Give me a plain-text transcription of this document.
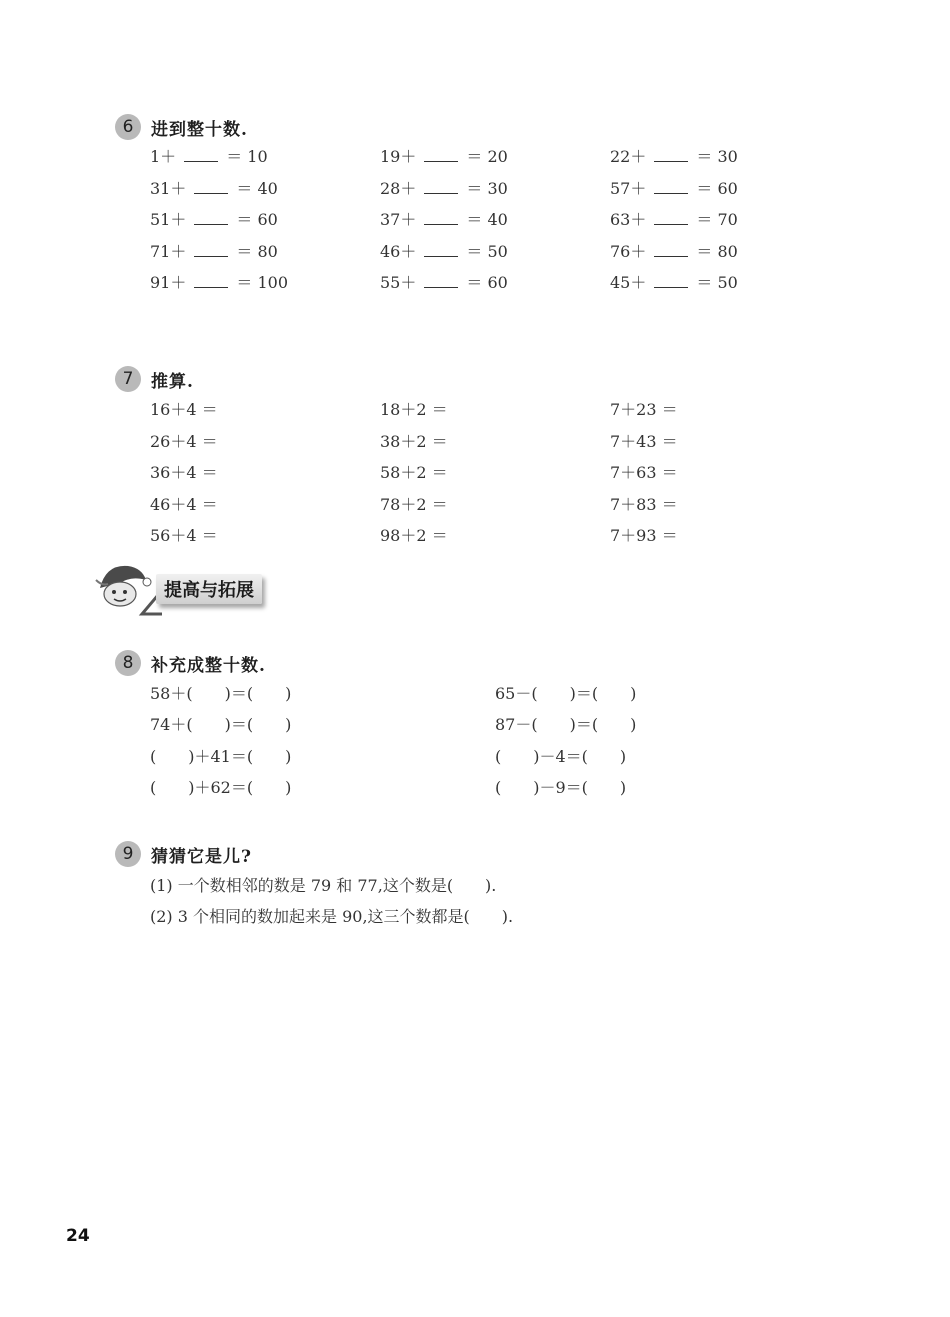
6	进到整十数.
1＋	＝ 10	19＋	＝ 20	22＋	＝ 30
31＋	＝ 40	28＋	＝ 30	57＋	＝ 60
51＋	＝ 60	37＋	＝ 40	63＋	＝ 70
71＋	＝ 80	46＋	＝ 50	76＋	＝ 80
91＋	＝ 100	55＋	＝ 60	45＋	＝ 50
7	推算.
16＋4 ＝	18＋2 ＝	7＋23 ＝
26＋4 ＝	38＋2 ＝	7＋43 ＝
36＋4 ＝	58＋2 ＝	7＋63 ＝
46＋4 ＝	78＋2 ＝	7＋83 ＝
56＋4 ＝	98＋2 ＝	7＋93 ＝
提高与拓展
8	补充成整十数.
58＋(　　)＝(　　)	65－(　　)＝(　　)
74＋(　　)＝(　　)	87－(　　)＝(　　)
(　　)＋41＝(　　)	(　　)－4＝(　　)
(　　)＋62＝(　　)	(　　)－9＝(　　)
9	猜猜它是儿?
(1) 一个数相邻的数是 79 和 77,这个数是(　　).
(2) 3 个相同的数加起来是 90,这三个数都是(　　).
24
